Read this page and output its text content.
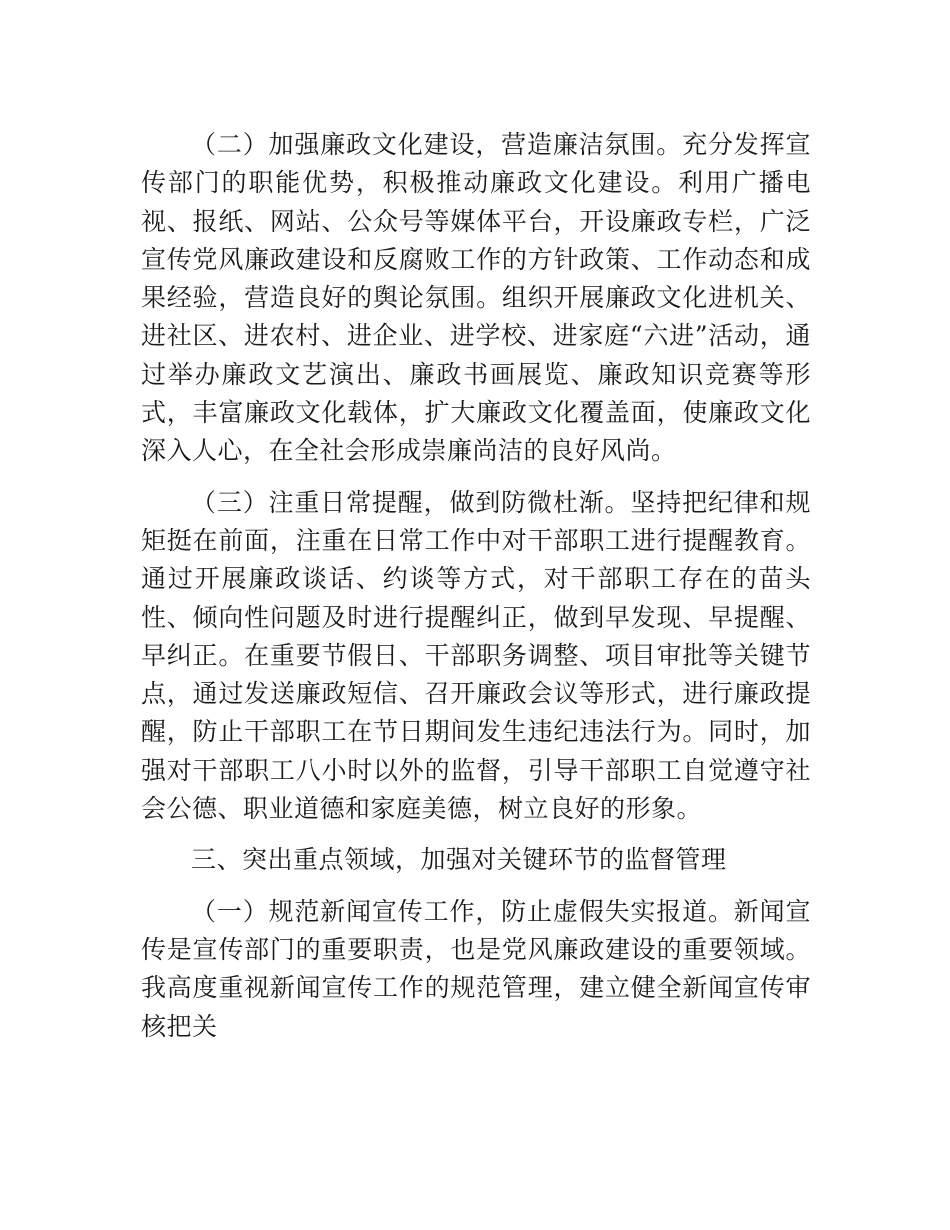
（二）加强廉政文化建设，营造廉洁氛围。充分发挥宣传部门的职能优势，积极推动廉政文化建设。利用广播电视、报纸、网站、公众号等媒体平台，开设廉政专栏，广泛宣传党风廉政建设和反腐败工作的方针政策、工作动态和成果经验，营造良好的舆论氛围。组织开展廉政文化进机关、进社区、进农村、进企业、进学校、进家庭“六进”活动，通过举办廉政文艺演出、廉政书画展览、廉政知识竞赛等形式，丰富廉政文化载体，扩大廉政文化覆盖面，使廉政文化深入人心，在全社会形成崇廉尚洁的良好风尚。

（三）注重日常提醒，做到防微杜渐。坚持把纪律和规矩挺在前面，注重在日常工作中对干部职工进行提醒教育。通过开展廉政谈话、约谈等方式，对干部职工存在的苗头性、倾向性问题及时进行提醒纠正，做到早发现、早提醒、早纠正。在重要节假日、干部职务调整、项目审批等关键节点，通过发送廉政短信、召开廉政会议等形式，进行廉政提醒，防止干部职工在节日期间发生违纪违法行为。同时，加强对干部职工八小时以外的监督，引导干部职工自觉遵守社会公德、职业道德和家庭美德，树立良好的形象。

三、突出重点领域，加强对关键环节的监督管理

（一）规范新闻宣传工作，防止虚假失实报道。新闻宣传是宣传部门的重要职责，也是党风廉政建设的重要领域。我高度重视新闻宣传工作的规范管理，建立健全新闻宣传审核把关
